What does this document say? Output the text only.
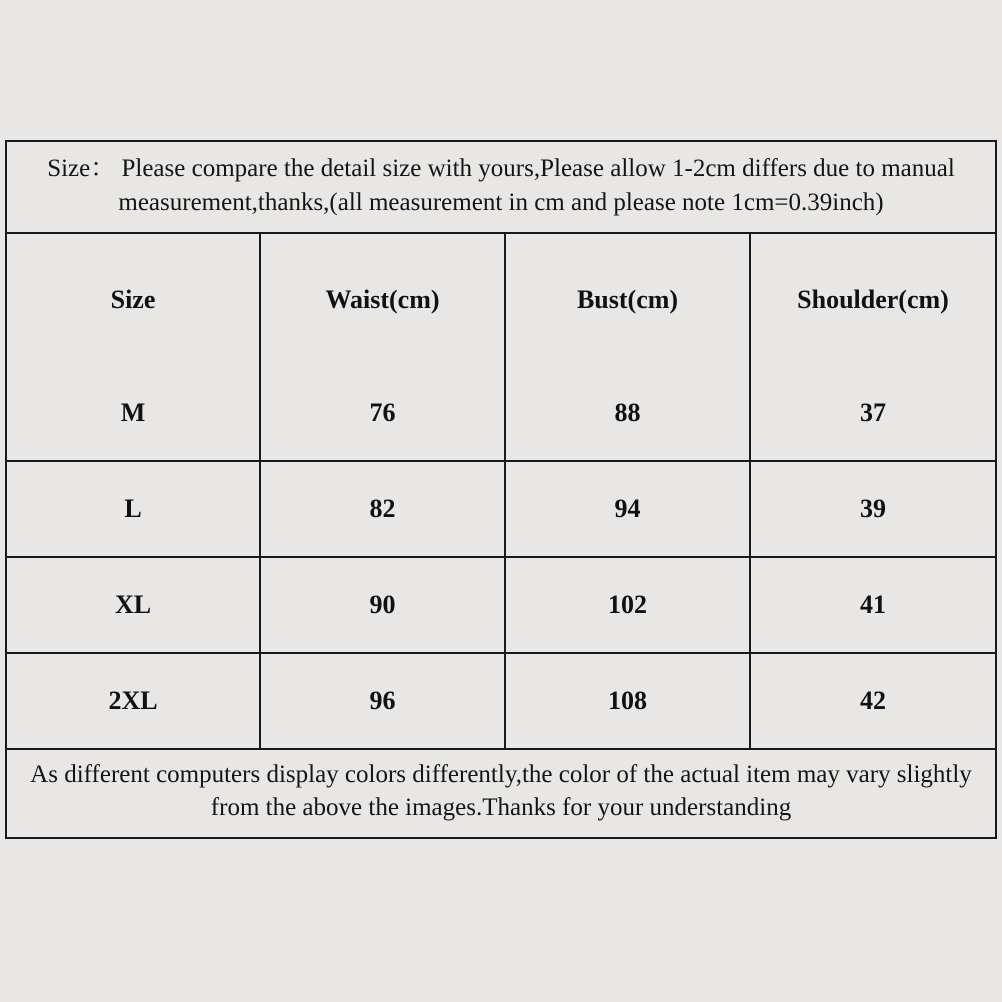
Size： Please compare the detail size with yours,Please allow 1-2cm differs due to manual measurement,thanks,(all measurement in cm and please note 1cm=0.39inch)
Size	Waist(cm)	Bust(cm)	Shoulder(cm)
M	76	88	37
L	82	94	39
XL	90	102	41
2XL	96	108	42
As different computers display colors differently,the color of the actual item may vary slightly from the above the images.Thanks for your understanding
